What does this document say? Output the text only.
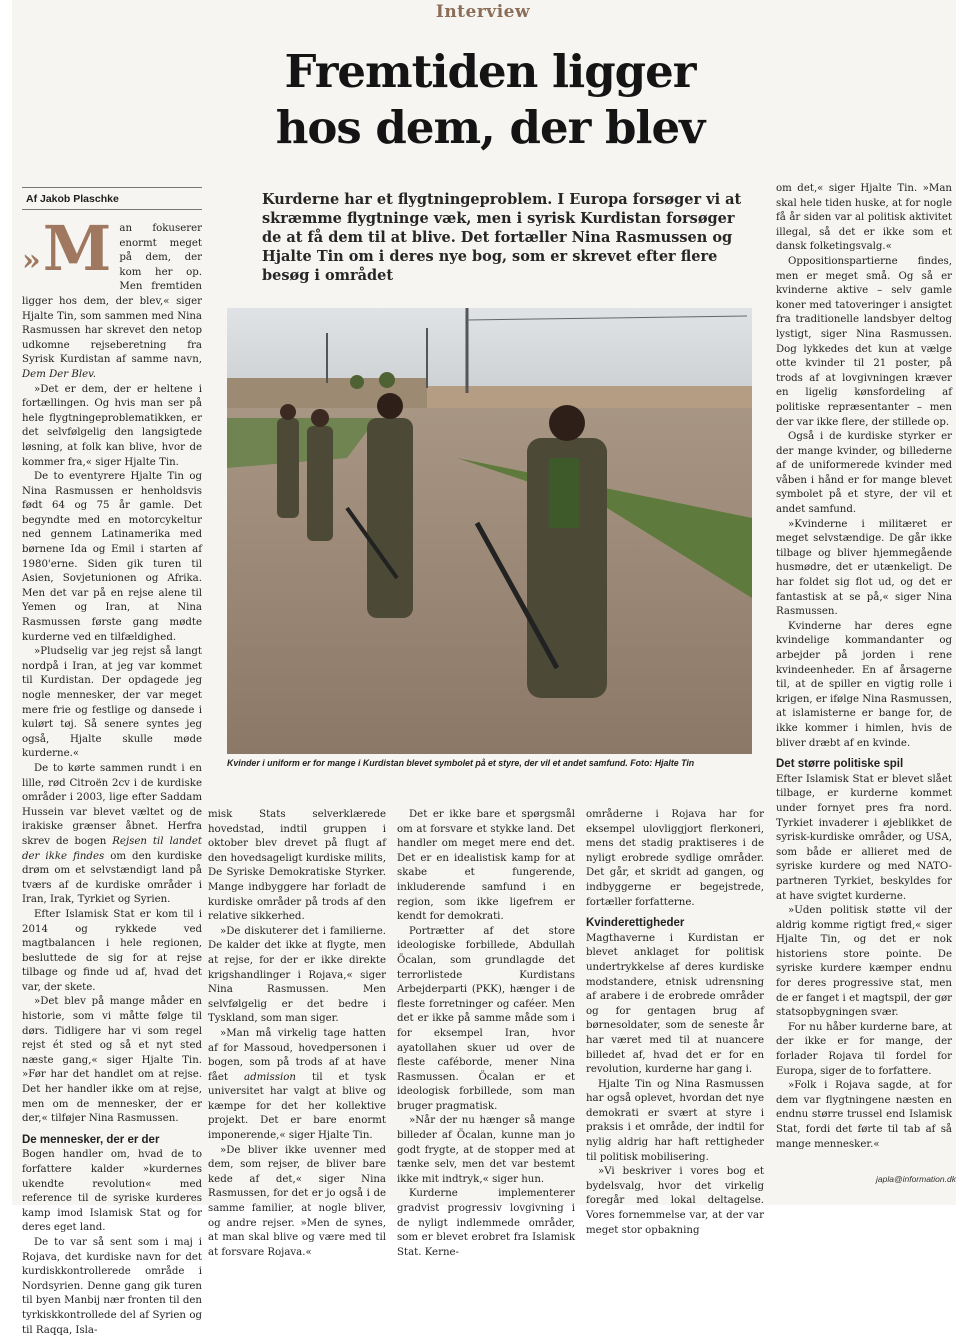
Interview
Fremtiden ligger
hos dem, der blev
Kurderne har et flygtningeproblem. I Europa forsøger vi at skræmme flygtninge væk, men i syrisk Kurdistan forsøger de at få dem til at blive. Det fortæller Nina Rasmussen og Hjalte Tin om i deres nye bog, som er skrevet efter flere besøg i området
Af Jakob Plaschke
»M an fokuserer enormt meget på dem, der kom her op. Men fremtiden ligger hos dem, der blev,« siger Hjalte Tin, som sammen med Nina Rasmussen har skrevet den netop udkomne rejseberetning fra Syrisk Kurdistan af samme navn, Dem Der Blev.

»Det er dem, der er heltene i fortællingen. Og hvis man ser på hele flygtningeproblematikken, er det selvfølgelig den langsigtede løsning, at folk kan blive, hvor de kommer fra,« siger Hjalte Tin.

De to eventyrere Hjalte Tin og Nina Rasmussen er henholdsvis født 64 og 75 år gamle. Det begyndte med en motorcykeltur ned gennem Latinamerika med børnene Ida og Emil i starten af 1980'erne. Siden gik turen til Asien, Sovjetunionen og Afrika. Men det var på en rejse alene til Yemen og Iran, at Nina Rasmussen første gang mødte kurderne ved en tilfældighed.

»Pludselig var jeg rejst så langt nordpå i Iran, at jeg var kommet til Kurdistan. Der opdagede jeg nogle mennesker, der var meget mere frie og festlige og dansede i kulørt tøj. Så senere syntes jeg også, Hjalte skulle møde kurderne.«

De to kørte sammen rundt i en lille, rød Citroën 2cv i de kurdiske områder i 2003, lige efter Saddam Hussein var blevet væltet og de irakiske grænser åbnet. Herfra skrev de bogen Rejsen til landet der ikke findes om den kurdiske drøm om et selvstændigt land på tværs af de kurdiske områder i Iran, Irak, Tyrkiet og Syrien.

Efter Islamisk Stat er kom til i 2014 og rykkede ved magtbalancen i hele regionen, besluttede de sig for at rejse tilbage og finde ud af, hvad det var, der skete.

»Det blev på mange måder en historie, som vi måtte følge til dørs. Tidligere har vi som regel rejst ét sted og så et nyt sted næste gang,« siger Hjalte Tin. »Før har det handlet om at rejse. Det her handler ikke om at rejse, men om de mennesker, der er der,« tilføjer Nina Rasmussen.

De mennesker, der er der

Bogen handler om, hvad de to forfattere kalder »kurdernes ukendte revolution« med reference til de syriske kurderes kamp imod Islamisk Stat og for deres eget land.

De to var så sent som i maj i Rojava, det kurdiske navn for det kurdiskkontrollerede område i Nordsyrien. Denne gang gik turen til byen Manbij nær fronten til den tyrkiskkontrollede del af Syrien og til Raqqa, Isla-

Kvinder i uniform er for mange i Kurdistan blevet symbolet på et styre, der vil et andet samfund. Foto: Hjalte Tin

misk Stats selverklærede hovedstad, indtil gruppen i oktober blev drevet på flugt af den hovedsageligt kurdiske milits, De Syriske Demokratiske Styrker. Mange indbyggere har forladt de kurdiske områder på trods af den relative sikkerhed.

»De diskuterer det i familierne. De kalder det ikke at flygte, men at rejse, for der er ikke direkte krigshandlinger i Rojava,« siger Nina Rasmussen. Men selvfølgelig er det bedre i Tyskland, som man siger.

»Man må virkelig tage hatten af for Massoud, hovedpersonen i bogen, som på trods af at have fået admission til et tysk universitet har valgt at blive og kæmpe for det her kollektive projekt. Det er bare enormt imponerende,« siger Hjalte Tin.

»De bliver ikke uvenner med dem, som rejser, de bliver bare kede af det,« siger Nina Rasmussen, for det er jo også i de samme familier, at nogle bliver, og andre rejser. »Men de synes, at man skal blive og være med til at forsvare Rojava.«

Det er ikke bare et spørgsmål om at forsvare et stykke land. Det handler om meget mere end det. Det er en idealistisk kamp for at skabe et fungerende, inkluderende samfund i en region, som ikke ligefrem er kendt for demokrati.

Portrætter af det store ideologiske forbillede, Abdullah Öcalan, som grundlagde det terrorlistede Kurdistans Arbejderparti (PKK), hænger i de fleste forretninger og caféer. Men det er ikke på samme måde som i for eksempel Iran, hvor ayatollahen skuer ud over de fleste caféborde, mener Nina Rasmussen. Öcalan er et ideologisk forbillede, som man bruger pragmatisk.

»Når der nu hænger så mange billeder af Öcalan, kunne man jo godt frygte, at de stopper med at tænke selv, men det var bestemt ikke mit indtryk,« siger hun.

Kurderne implementerer gradvist progressiv lovgivning i de nyligt indlemmede områder, som er blevet erobret fra Islamisk Stat. Kerne-

områderne i Rojava har for eksempel ulovliggjort flerkoneri, mens det stadig praktiseres i de nyligt erobrede sydlige områder. Det går, et skridt ad gangen, og indbyggerne er begejstrede, fortæller forfatterne.

Kvinderettigheder

Magthaverne i Kurdistan er blevet anklaget for politisk undertrykkelse af deres kurdiske modstandere, etnisk udrensning af arabere i de erobrede områder og for gentagen brug af børnesoldater, som de seneste år har været med til at nuancere billedet af, hvad det er for en revolution, kurderne har gang i.

Hjalte Tin og Nina Rasmussen har også oplevet, hvordan det nye demokrati er svært at styre i praksis i et område, der indtil for nylig aldrig har haft rettigheder til politisk mobilisering.

»Vi beskriver i vores bog et bydelsvalg, hvor det virkelig foregår med lokal deltagelse. Vores fornemmelse var, at der var meget stor opbakning

om det,« siger Hjalte Tin. »Man skal hele tiden huske, at for nogle få år siden var al politisk aktivitet illegal, så det er ikke som et dansk folketingsvalg.«

Oppositionspartierne findes, men er meget små. Og så er kvinderne aktive – selv gamle koner med tatoveringer i ansigtet fra traditionelle landsbyer deltog lystigt, siger Nina Rasmussen. Dog lykkedes det kun at vælge otte kvinder til 21 poster, på trods af at lovgivningen kræver en ligelig kønsfordeling af politiske repræsentanter – men der var ikke flere, der stillede op.

Også i de kurdiske styrker er der mange kvinder, og billederne af de uniformerede kvinder med våben i hånd er for mange blevet symbolet på et styre, der vil et andet samfund.

»Kvinderne i militæret er meget selvstændige. De går ikke tilbage og bliver hjemmegående husmødre, det er utænkeligt. De har foldet sig flot ud, og det er fantastisk at se på,« siger Nina Rasmussen.

Kvinderne har deres egne kvindelige kommandanter og arbejder på jorden i rene kvindeenheder. En af årsagerne til, at de spiller en vigtig rolle i krigen, er ifølge Nina Rasmussen, at islamisterne er bange for, de ikke kommer i himlen, hvis de bliver dræbt af en kvinde.

Det større politiske spil

Efter Islamisk Stat er blevet slået tilbage, er kurderne kommet under fornyet pres fra nord. Tyrkiet invaderer i øjeblikket de syrisk-kurdiske områder, og USA, som både er allieret med de syriske kurdere og med NATO-partneren Tyrkiet, beskyldes for at have svigtet kurderne.

»Uden politisk støtte vil der aldrig komme rigtigt fred,« siger Hjalte Tin, og det er nok historiens store pointe. De syriske kurdere kæmper endnu for deres progressive stat, men de er fanget i et magtspil, der gør statsopbygningen svær.

For nu håber kurderne bare, at der ikke er for mange, der forlader Rojava til fordel for Europa, siger de to forfattere.

»Folk i Rojava sagde, at for dem var flygtningene næsten en endnu større trussel end Islamisk Stat, fordi det førte til tab af så mange mennesker.«

japla@information.dk
